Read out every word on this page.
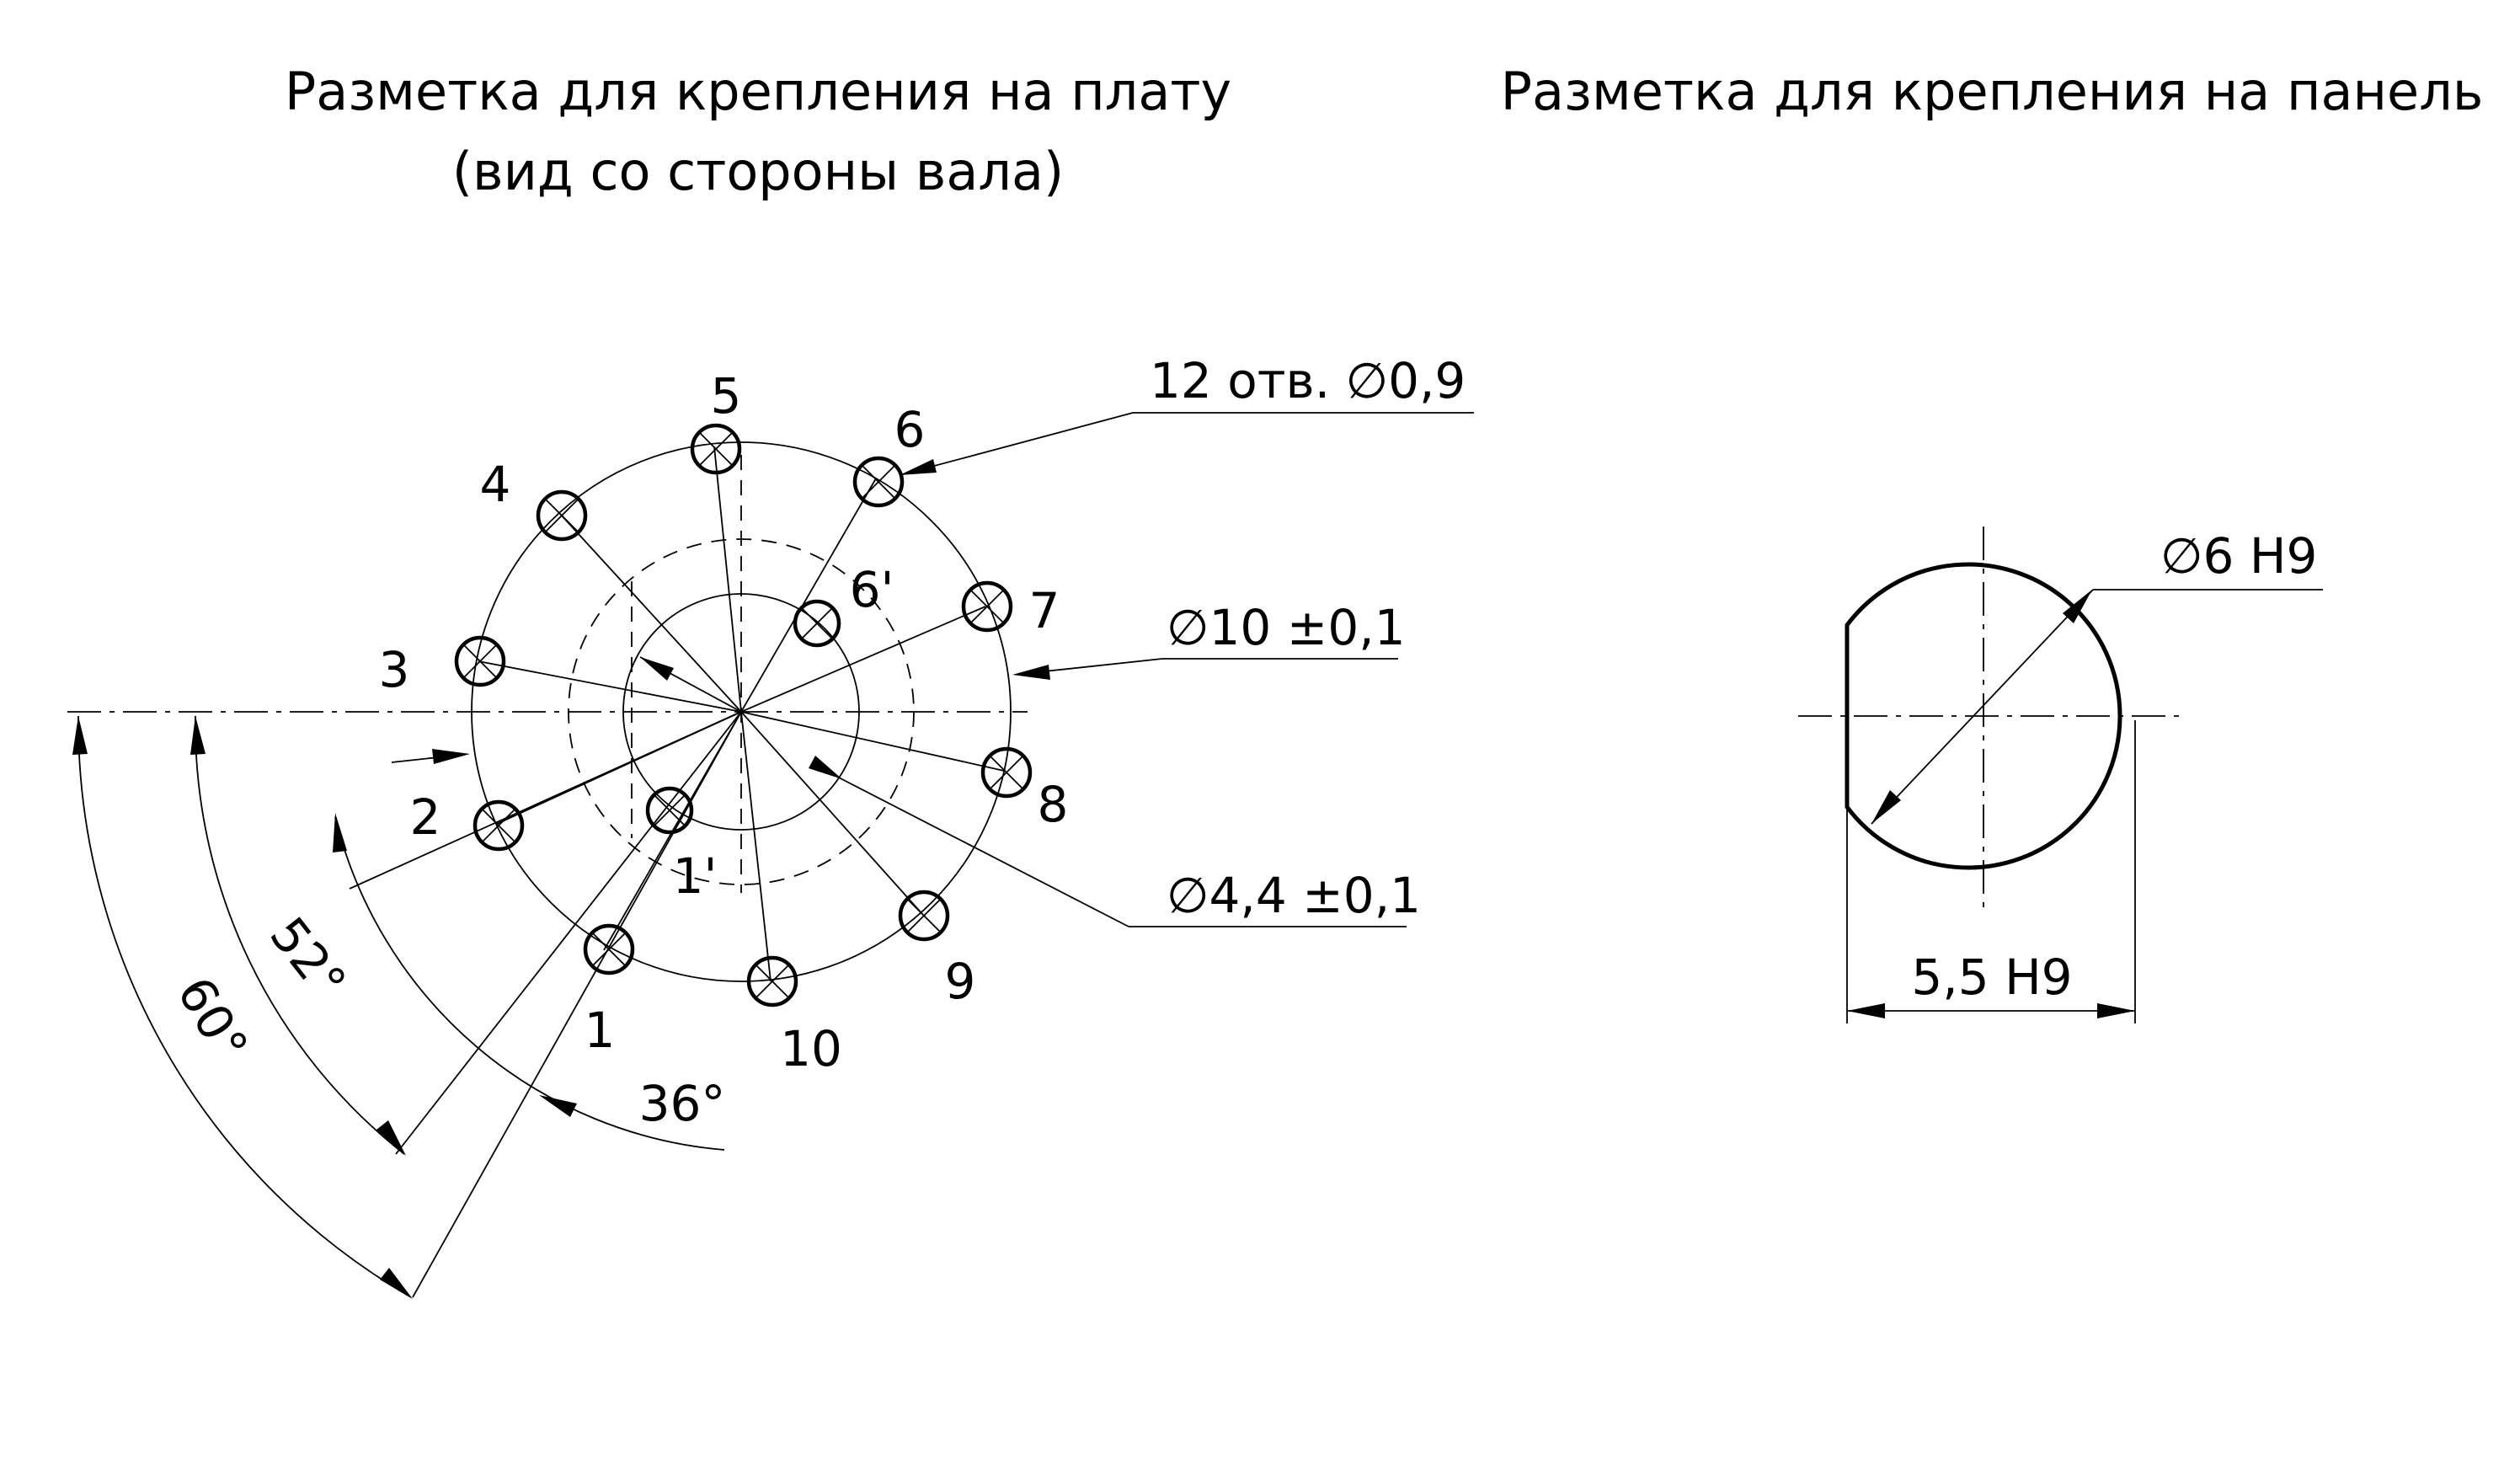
Разметка для крепления на плату
(вид со стороны вала)
Разметка для крепления на панель
1
2
3
4
5
6
7
8
9
10
1'
6'
12 отв. ∅0,9
∅10 ±0,1
∅4,4 ±0,1
36°
52°
60°
∅6 H9
5,5 H9
